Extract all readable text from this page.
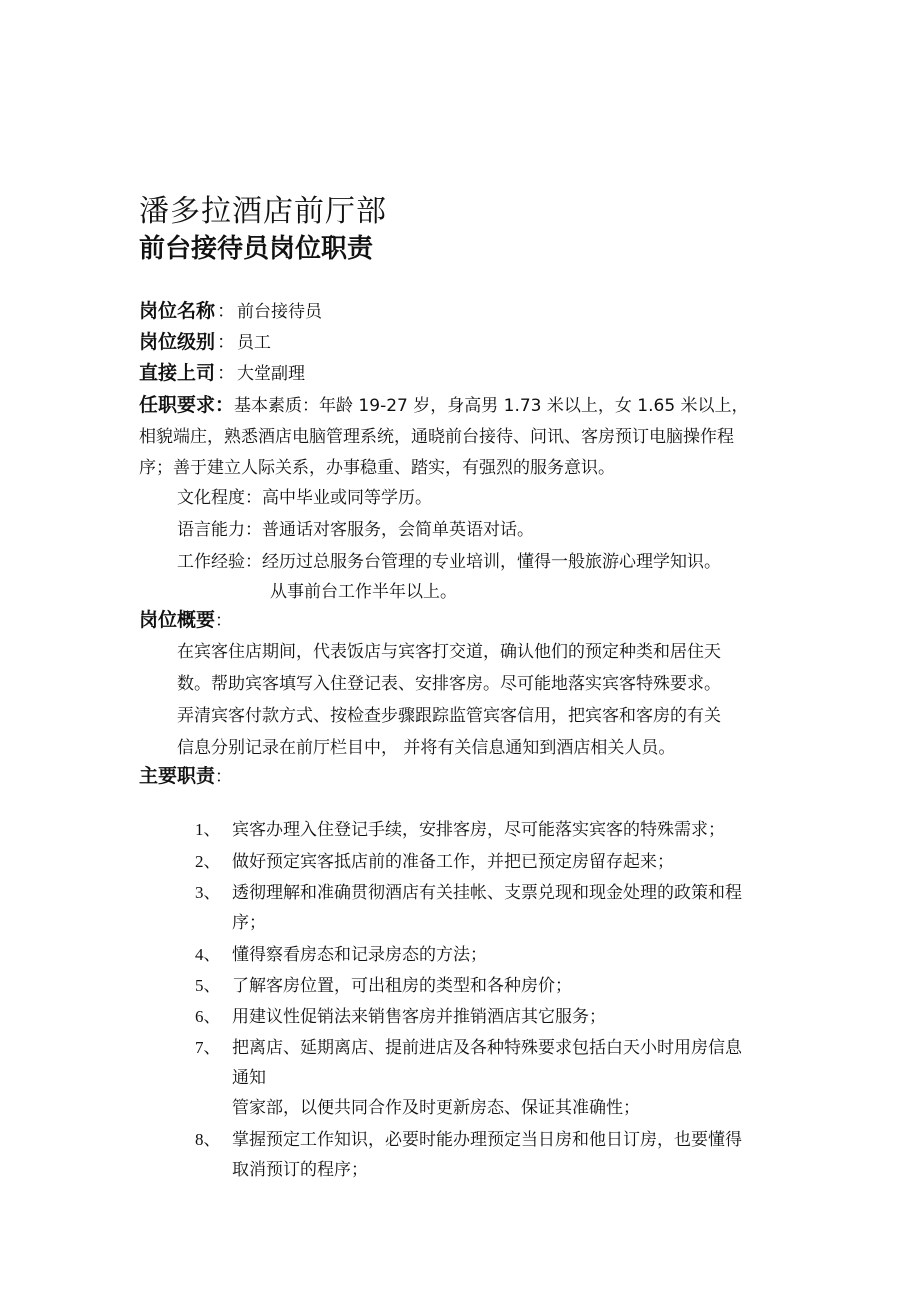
潘多拉酒店前厅部
前台接待员岗位职责
岗位名称 ： 前台接待员
岗位级别 ： 员工
直接上司 ： 大堂副理
任职要求：基本素质：年龄 19-27 岁，身高男 1.73 米以上，女 1.65 米以上，
相貌端庄，熟悉酒店电脑管理系统，通晓前台接待、问讯、客房预订电脑操作程
序；善于建立人际关系，办事稳重、踏实，有强烈的服务意识。
文化程度：高中毕业或同等学历。
语言能力：普通话对客服务，会简单英语对话。
工作经验：经历过总服务台管理的专业培训，懂得一般旅游心理学知识。
从事前台工作半年以上。
岗位概要：
在宾客住店期间，代表饭店与宾客打交道，确认他们的预定种类和居住天
数。帮助宾客填写入住登记表、安排客房。尽可能地落实宾客特殊要求。
弄清宾客付款方式、按检查步骤跟踪监管宾客信用，把宾客和客房的有关
信息分别记录在前厅栏目中， 并将有关信息通知到酒店相关人员。
主要职责：
1、 宾客办理入住登记手续，安排客房，尽可能落实宾客的特殊需求；
2、 做好预定宾客抵店前的准备工作，并把已预定房留存起来；
3、 透彻理解和准确贯彻酒店有关挂帐、支票兑现和现金处理的政策和程
序；
4、 懂得察看房态和记录房态的方法；
5、 了解客房位置，可出租房的类型和各种房价；
6、 用建议性促销法来销售客房并推销酒店其它服务；
7、 把离店、延期离店、提前进店及各种特殊要求包括白天小时用房信息
通知
管家部，以便共同合作及时更新房态、保证其准确性；
8、 掌握预定工作知识，必要时能办理预定当日房和他日订房，也要懂得
取消预订的程序；
